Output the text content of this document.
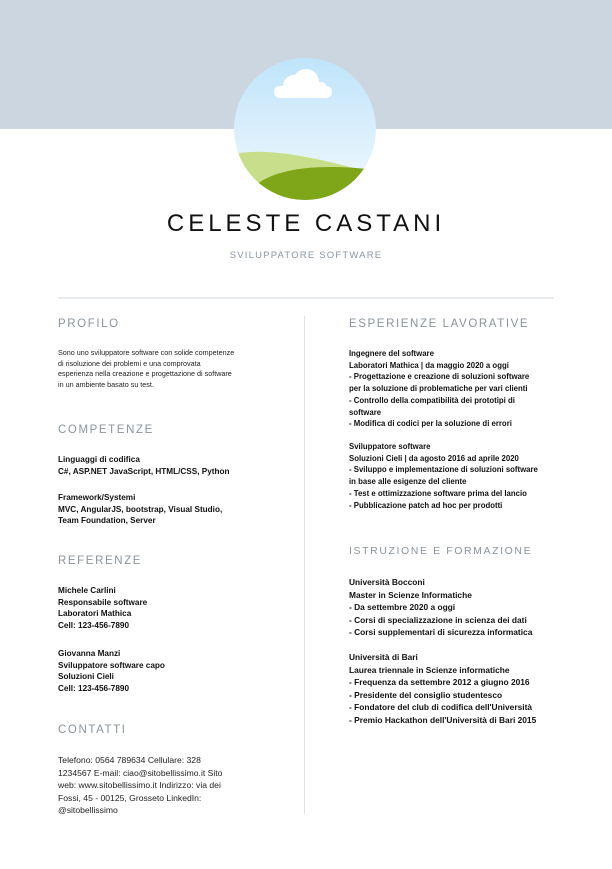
CELESTE CASTANI
SVILUPPATORE SOFTWARE
PROFILO
Sono uno sviluppatore software con solide competenze
di risoluzione dei problemi e una comprovata
esperienza nella creazione e progettazione di software
in un ambiente basato su test.
COMPETENZE
Linguaggi di codifica
C#, ASP.NET JavaScript, HTML/CSS, Python
Framework/Systemi
MVC, AngularJS, bootstrap, Visual Studio,
Team Foundation, Server
REFERENZE
Michele Carlini
Responsabile software
Laboratori Mathica
Cell: 123-456-7890
Giovanna Manzi
Sviluppatore software capo
Soluzioni Cieli
Cell: 123-456-7890
CONTATTI
Telefono: 0564 789634 Cellulare: 328
1234567 E-mail: ciao@sitobellissimo.it Sito
web: www.sitobellissimo.it Indirizzo: via dei
Fossi, 45 - 00125, Grosseto LinkedIn:
@sitobellissimo
ESPERIENZE LAVORATIVE
Ingegnere del software
Laboratori Mathica | da maggio 2020 a oggi
- Progettazione e creazione di soluzioni software
per la soluzione di problematiche per vari clienti
- Controllo della compatibilità dei prototipi di
software
- Modifica di codici per la soluzione di errori
Sviluppatore software
Soluzioni Cieli | da agosto 2016 ad aprile 2020
- Sviluppo e implementazione di soluzioni software
in base alle esigenze del cliente
- Test e ottimizzazione software prima del lancio
- Pubblicazione patch ad hoc per prodotti
ISTRUZIONE E FORMAZIONE
Università Bocconi
Master in Scienze Informatiche
- Da settembre 2020 a oggi
- Corsi di specializzazione in scienza dei dati
- Corsi supplementari di sicurezza informatica
Università di Bari
Laurea triennale in Scienze informatiche
- Frequenza da settembre 2012 a giugno 2016
- Presidente del consiglio studentesco
- Fondatore del club di codifica dell'Università
- Premio Hackathon dell'Università di Bari 2015
